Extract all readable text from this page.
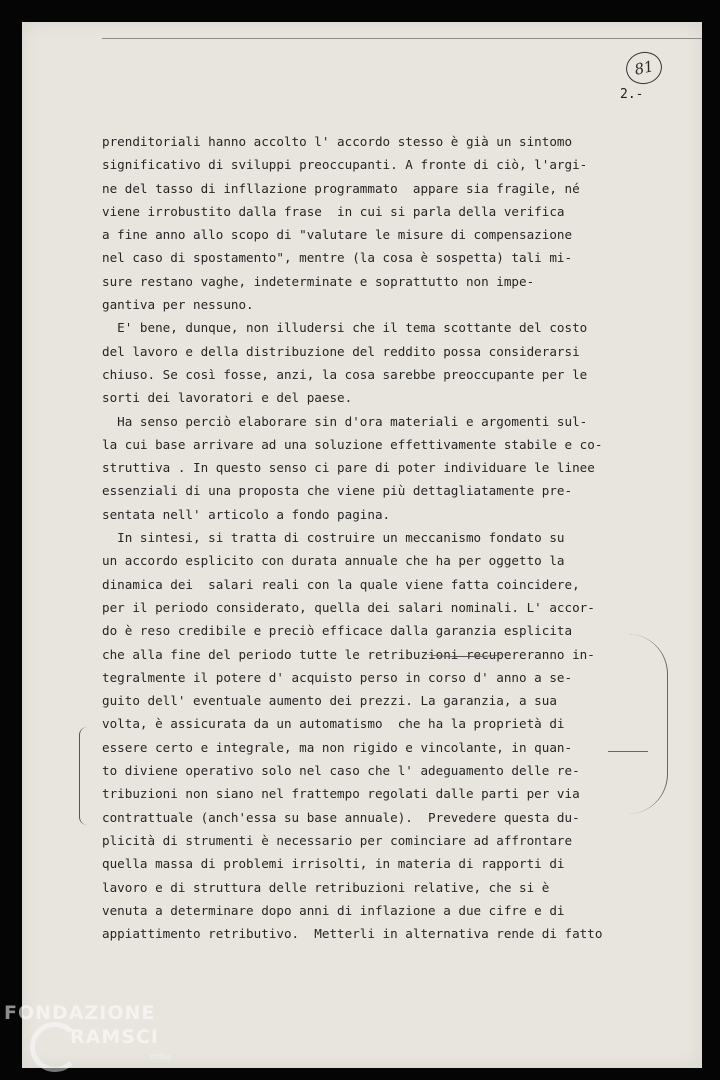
81
2.-
prenditoriali hanno accolto l' accordo stesso è già un sintomo
significativo di sviluppi preoccupanti. A fronte di ciò, l'argi-
ne del tasso di infllazione programmato  appare sia fragile, né
viene irrobustito dalla frase  in cui si parla della verifica
a fine anno allo scopo di "valutare le misure di compensazione
nel caso di spostamento", mentre (la cosa è sospetta) tali mi-
sure restano vaghe, indeterminate e soprattutto non impe-
gantiva per nessuno.
E' bene, dunque, non illudersi che il tema scottante del costo
del lavoro e della distribuzione del reddito possa considerarsi
chiuso. Se così fosse, anzi, la cosa sarebbe preoccupante per le
sorti dei lavoratori e del paese.
Ha senso perciò elaborare sin d'ora materiali e argomenti sul-
la cui base arrivare ad una soluzione effettivamente stabile e co-
struttiva . In questo senso ci pare di poter individuare le linee
essenziali di una proposta che viene più dettagliatamente pre-
sentata nell' articolo a fondo pagina.
In sintesi, si tratta di costruire un meccanismo fondato su
un accordo esplicito con durata annuale che ha per oggetto la
dinamica dei  salari reali con la quale viene fatta coincidere,
per il periodo considerato, quella dei salari nominali. L' accor-
do è reso credibile e preciò efficace dalla garanzia esplicita
che alla fine del periodo tutte le retribuzioni recupereranno in-
tegralmente il potere d' acquisto perso in corso d' anno a se-
guito dell' eventuale aumento dei prezzi. La garanzia, a sua
volta, è assicurata da un automatismo  che ha la proprietà di
essere certo e integrale, ma non rigido e vincolante, in quan-
to diviene operativo solo nel caso che l' adeguamento delle re-
tribuzioni non siano nel frattempo regolati dalle parti per via
contrattuale (anch'essa su base annuale).  Prevedere questa du-
plicità di strumenti è necessario per cominciare ad affrontare
quella massa di problemi irrisolti, in materia di rapporti di
lavoro e di struttura delle retribuzioni relative, che si è
venuta a determinare dopo anni di inflazione a due cifre e di
appiattimento retributivo.  Metterli in alternativa rende di fatto
FONDAZIONE
RAMSCI
onlus
